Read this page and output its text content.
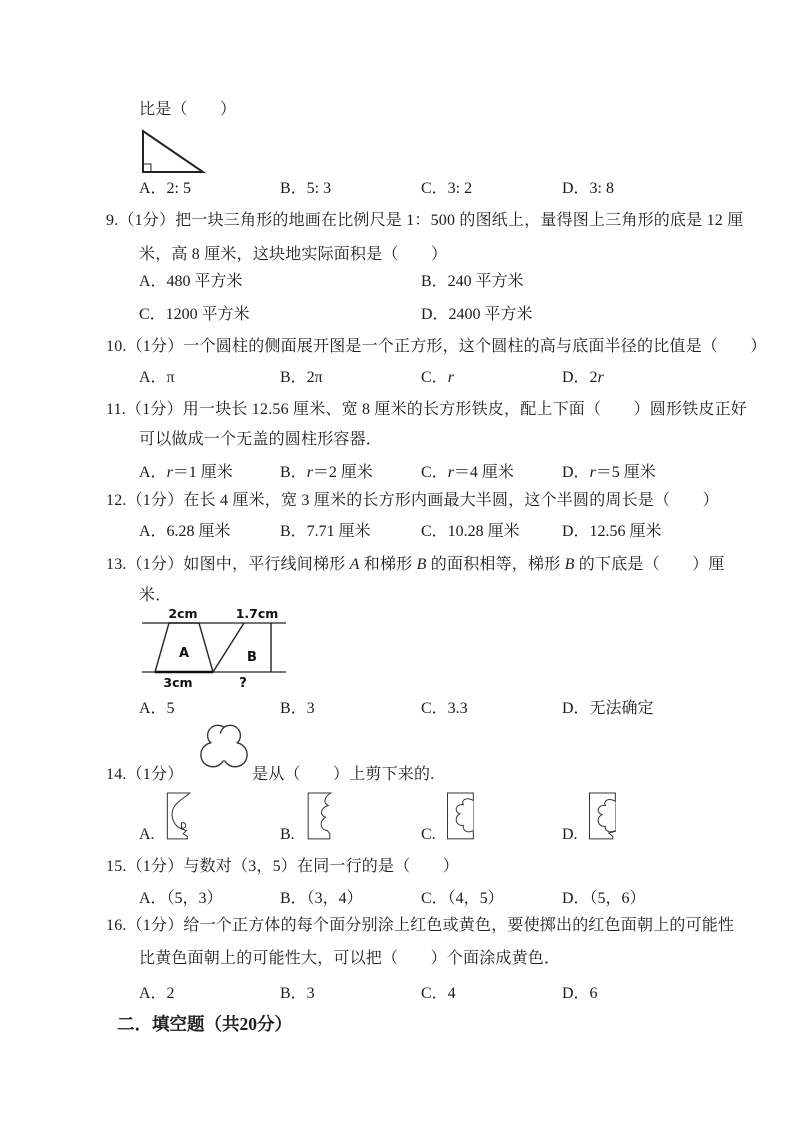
比是（　　）
A．2: 5	B．5: 3	C．3: 2	D．3: 8
9.（1分）把一块三角形的地画在比例尺是 1：500 的图纸上，量得图上三角形的底是 12 厘
米，高 8 厘米，这块地实际面积是（　　）
A．480 平方米	B．240 平方米
C．1200 平方米	D．2400 平方米
10.（1分）一个圆柱的侧面展开图是一个正方形，这个圆柱的高与底面半径的比值是（　　）
A．π	B．2π	C．r	D．2r
11.（1分）用一块长 12.56 厘米、宽 8 厘米的长方形铁皮，配上下面（　　）圆形铁皮正好
可以做成一个无盖的圆柱形容器．
A．r＝1 厘米	B．r＝2 厘米	C．r＝4 厘米	D．r＝5 厘米
12.（1分）在长 4 厘米，宽 3 厘米的长方形内画最大半圆，这个半圆的周长是（　　）
A．6.28 厘米	B．7.71 厘米	C．10.28 厘米	D．12.56 厘米
13.（1分）如图中，平行线间梯形 A 和梯形 B 的面积相等，梯形 B 的下底是（　　）厘
米．
2cm	1.7cm
A	B
3cm	?
A．5	B．3	C．3.3	D．无法确定
14.（1分）	是从（　　）上剪下来的.
A.	B.	C.	D.
15.（1分）与数对（3，5）在同一行的是（　　）
A．（5，3）	B．（3，4）	C．（4，5）	D．（5，6）
16.（1分）给一个正方体的每个面分别涂上红色或黄色，要使掷出的红色面朝上的可能性
比黄色面朝上的可能性大，可以把（　　）个面涂成黄色．
A．2	B．3	C．4	D．6
二．填空题（共20分）
